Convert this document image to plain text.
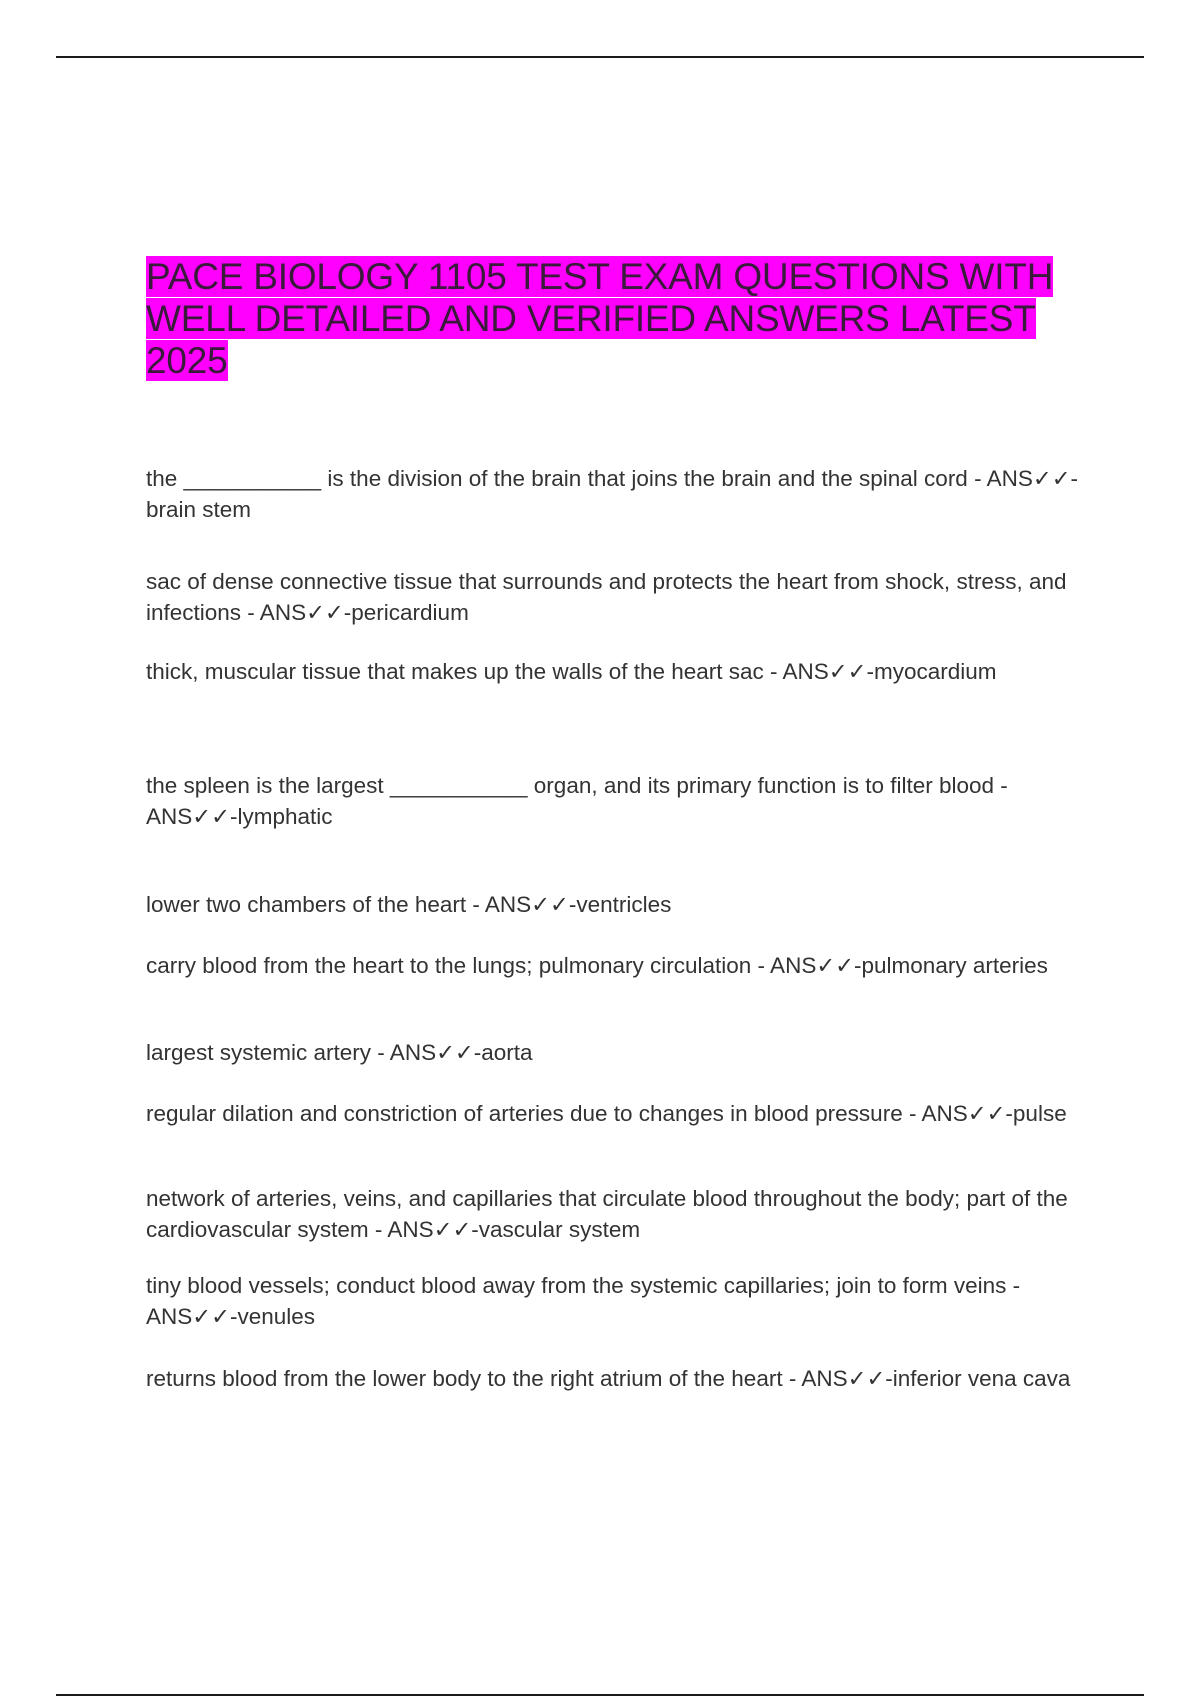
PACE BIOLOGY 1105 TEST EXAM QUESTIONS WITH WELL DETAILED AND VERIFIED ANSWERS LATEST 2025

the ___________ is the division of the brain that joins the brain and the spinal cord - ANS✓✓-brain stem

sac of dense connective tissue that surrounds and protects the heart from shock, stress, and infections - ANS✓✓-pericardium

thick, muscular tissue that makes up the walls of the heart sac - ANS✓✓-myocardium

the spleen is the largest ___________ organ, and its primary function is to filter blood - ANS✓✓-lymphatic

lower two chambers of the heart - ANS✓✓-ventricles

carry blood from the heart to the lungs; pulmonary circulation - ANS✓✓-pulmonary arteries

largest systemic artery - ANS✓✓-aorta

regular dilation and constriction of arteries due to changes in blood pressure - ANS✓✓-pulse

network of arteries, veins, and capillaries that circulate blood throughout the body; part of the cardiovascular system - ANS✓✓-vascular system

tiny blood vessels; conduct blood away from the systemic capillaries; join to form veins - ANS✓✓-venules

returns blood from the lower body to the right atrium of the heart - ANS✓✓-inferior vena cava
